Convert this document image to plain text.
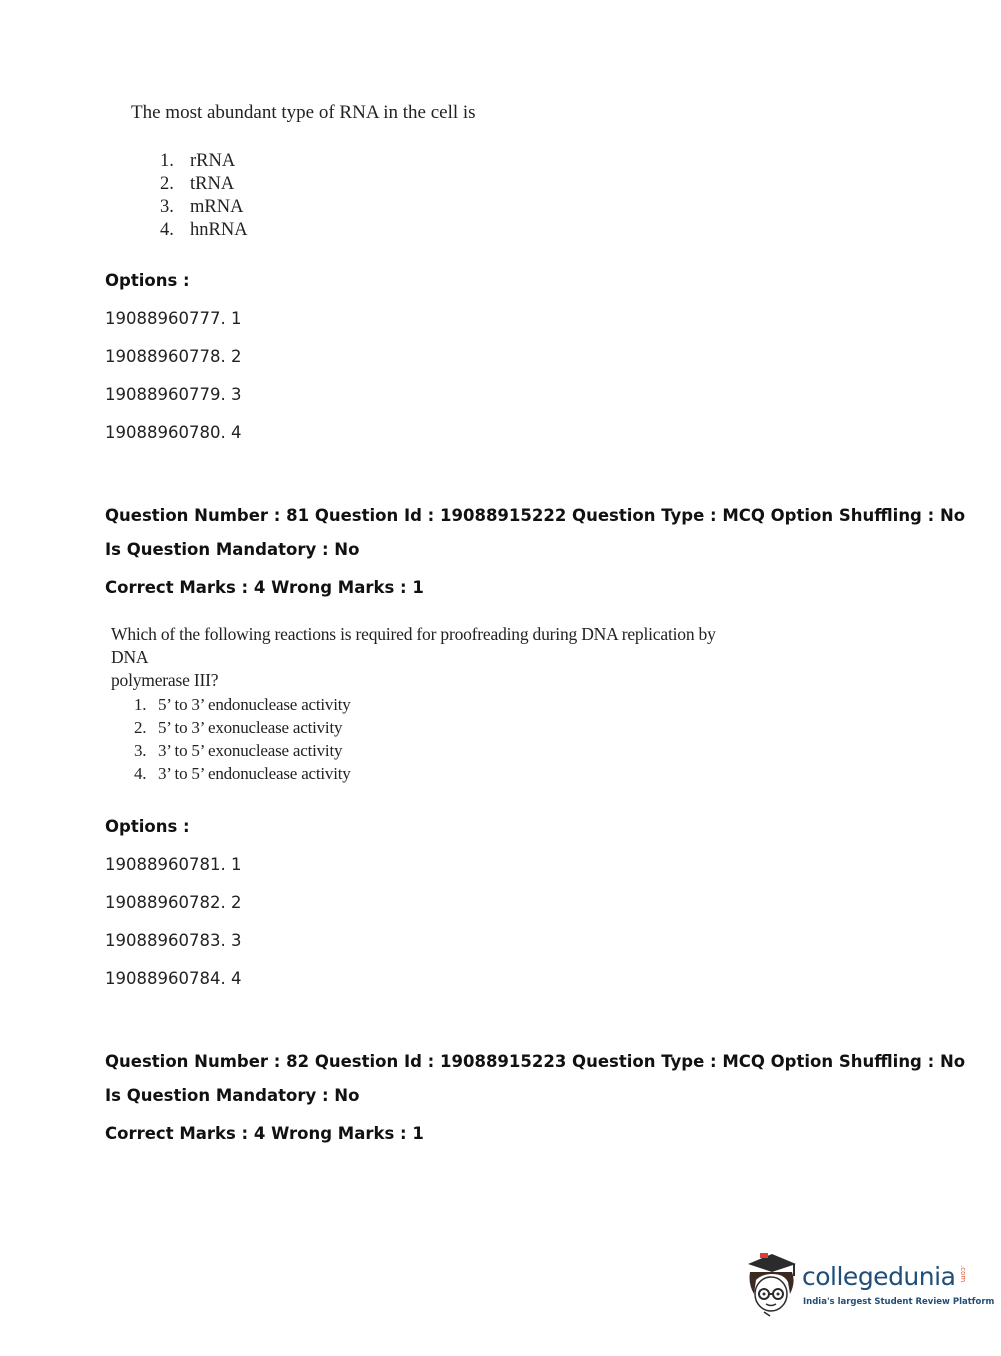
The most abundant type of RNA in the cell is
1. rRNA
2. tRNA
3. mRNA
4. hnRNA
Options :
19088960777. 1
19088960778. 2
19088960779. 3
19088960780. 4
Question Number : 81 Question Id : 19088915222 Question Type : MCQ Option Shuffling : No
Is Question Mandatory : No
Correct Marks : 4 Wrong Marks : 1
Which of the following reactions is required for proofreading during DNA replication by DNA
polymerase III?
1. 5’ to 3’ endonuclease activity
2. 5’ to 3’ exonuclease activity
3. 3’ to 5’ exonuclease activity
4. 3’ to 5’ endonuclease activity
Options :
19088960781. 1
19088960782. 2
19088960783. 3
19088960784. 4
Question Number : 82 Question Id : 19088915223 Question Type : MCQ Option Shuffling : No
Is Question Mandatory : No
Correct Marks : 4 Wrong Marks : 1
collegedunia .com
India's largest Student Review Platform
